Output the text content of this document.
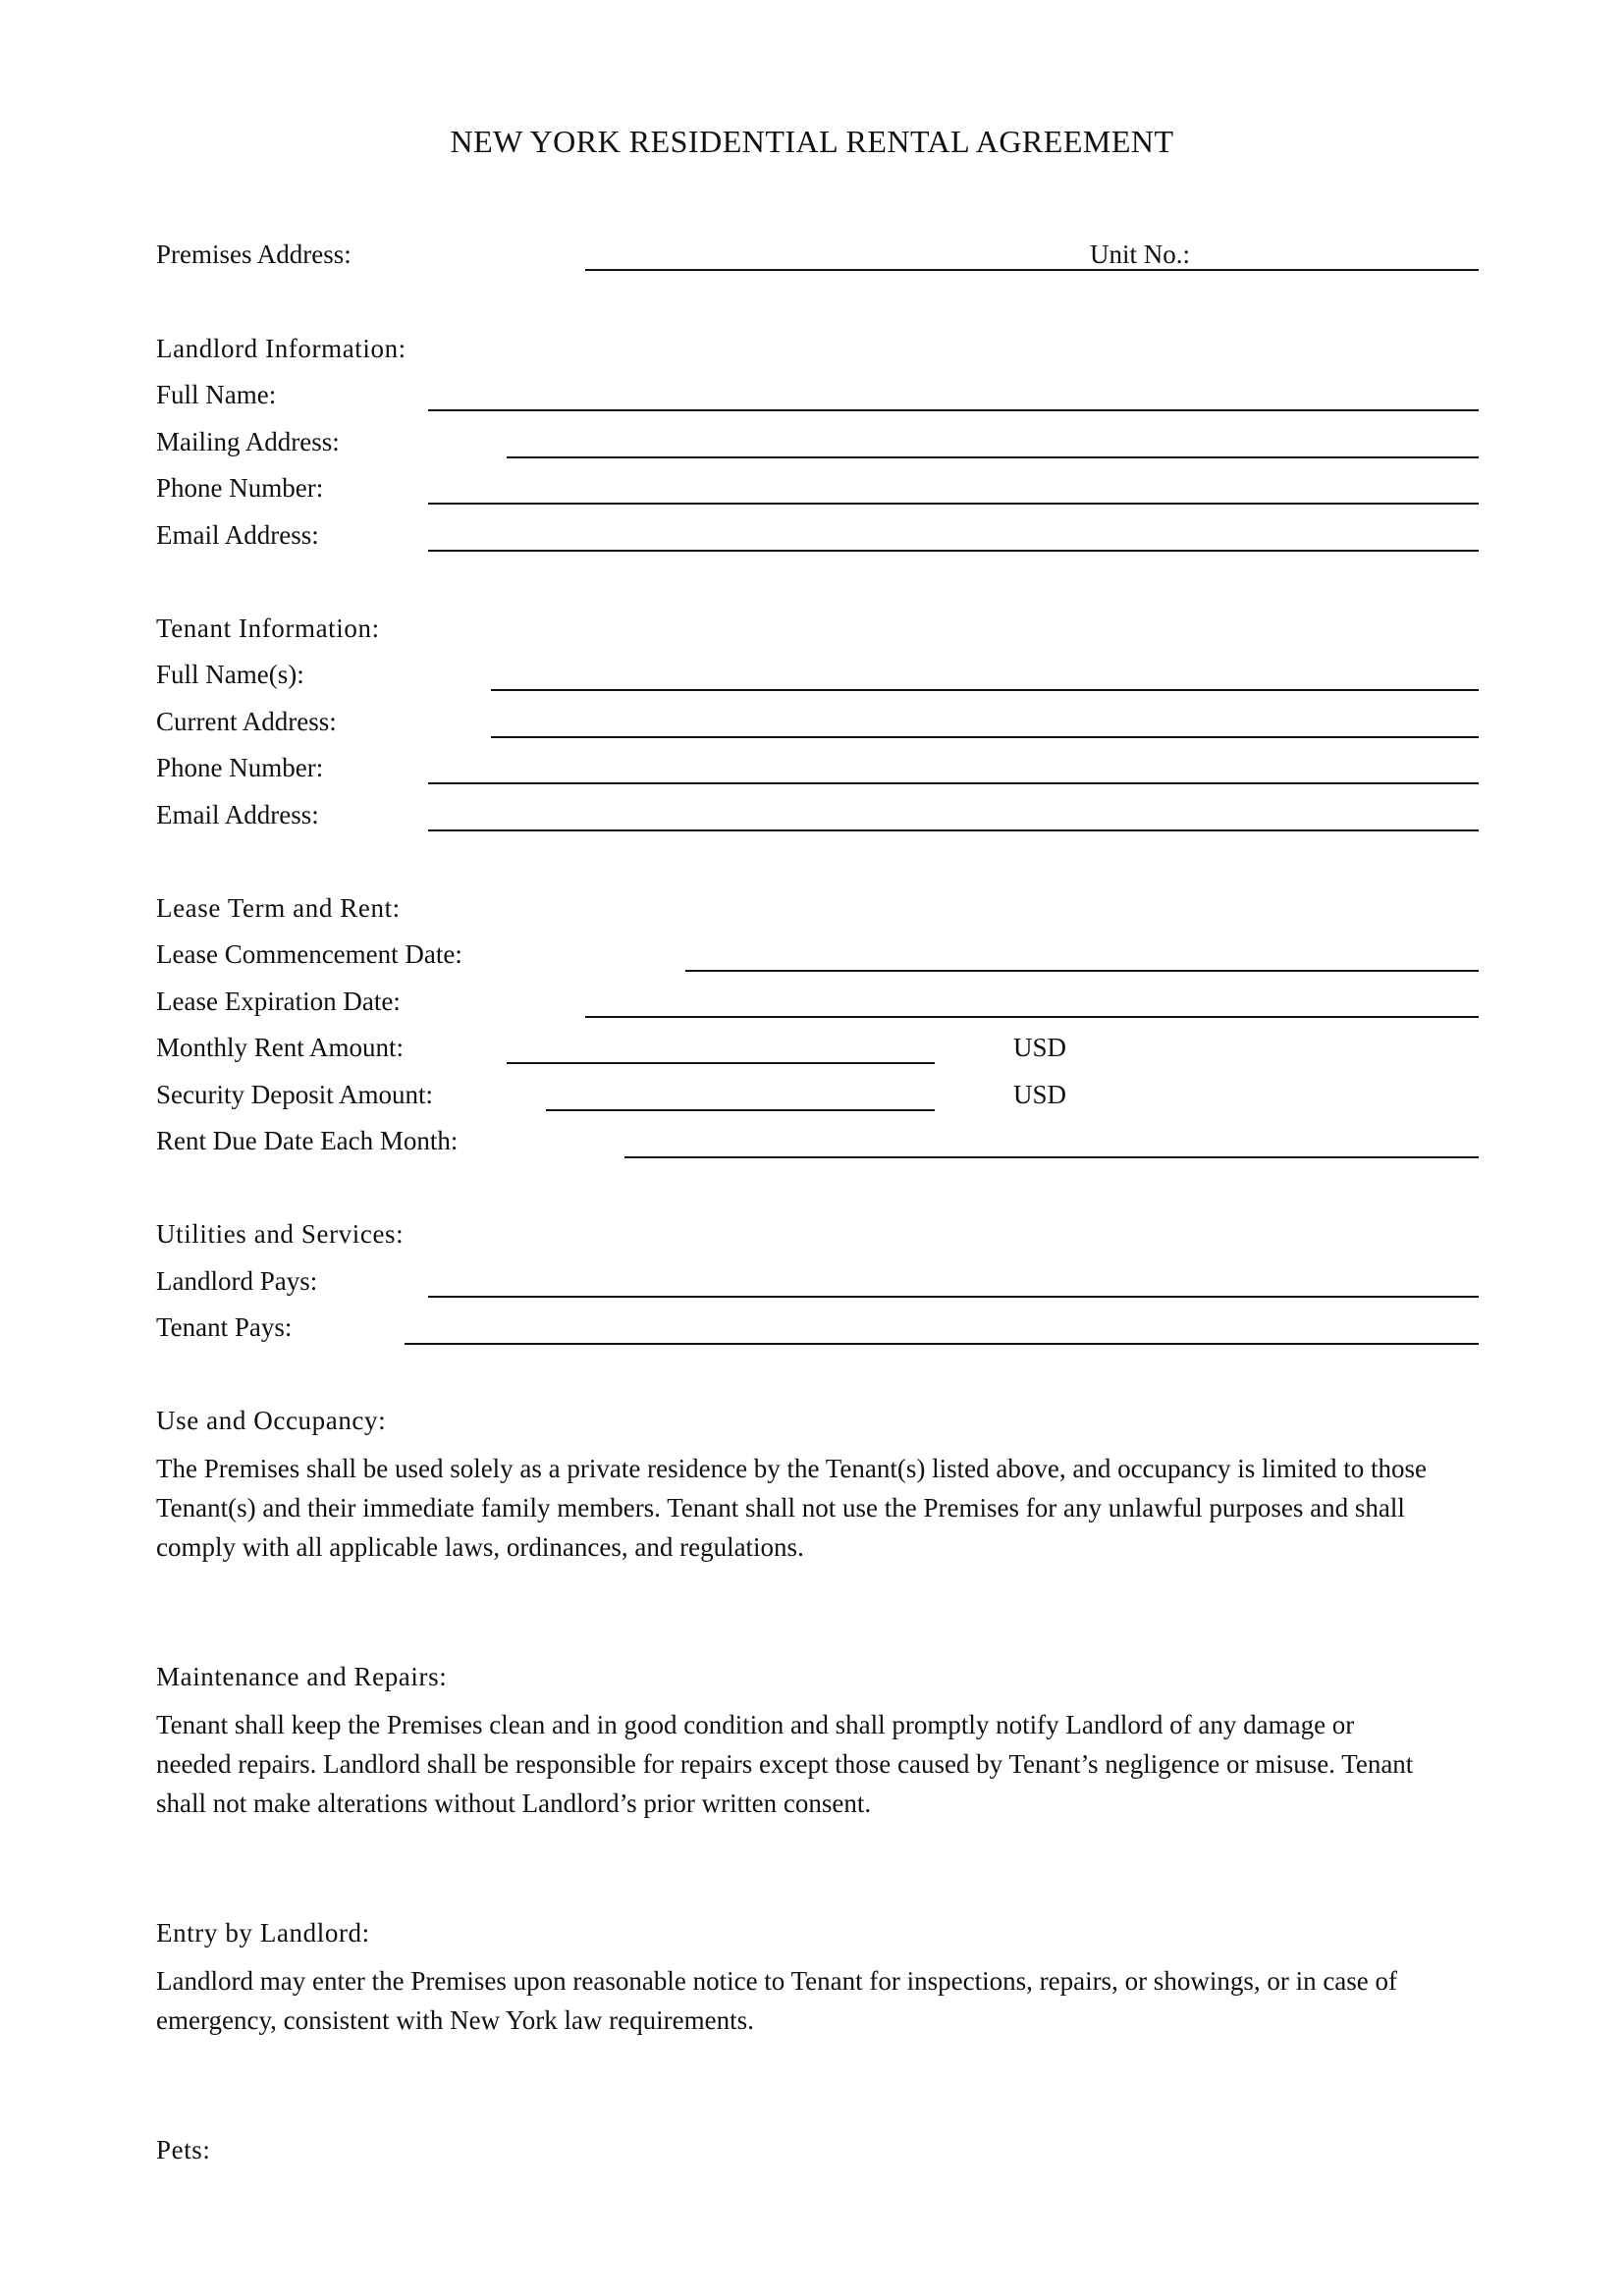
NEW YORK RESIDENTIAL RENTAL AGREEMENT
Premises Address:	Unit No.:
Landlord Information:
Full Name:
Mailing Address:
Phone Number:
Email Address:
Tenant Information:
Full Name(s):
Current Address:
Phone Number:
Email Address:
Lease Term and Rent:
Lease Commencement Date:
Lease Expiration Date:
Monthly Rent Amount:	USD
Security Deposit Amount:	USD
Rent Due Date Each Month:
Utilities and Services:
Landlord Pays:
Tenant Pays:
Use and Occupancy:
The Premises shall be used solely as a private residence by the Tenant(s) listed above, and occupancy is limited to those
Tenant(s) and their immediate family members. Tenant shall not use the Premises for any unlawful purposes and shall
comply with all applicable laws, ordinances, and regulations.
Maintenance and Repairs:
Tenant shall keep the Premises clean and in good condition and shall promptly notify Landlord of any damage or
needed repairs. Landlord shall be responsible for repairs except those caused by Tenant’s negligence or misuse. Tenant
shall not make alterations without Landlord’s prior written consent.
Entry by Landlord:
Landlord may enter the Premises upon reasonable notice to Tenant for inspections, repairs, or showings, or in case of
emergency, consistent with New York law requirements.
Pets:
